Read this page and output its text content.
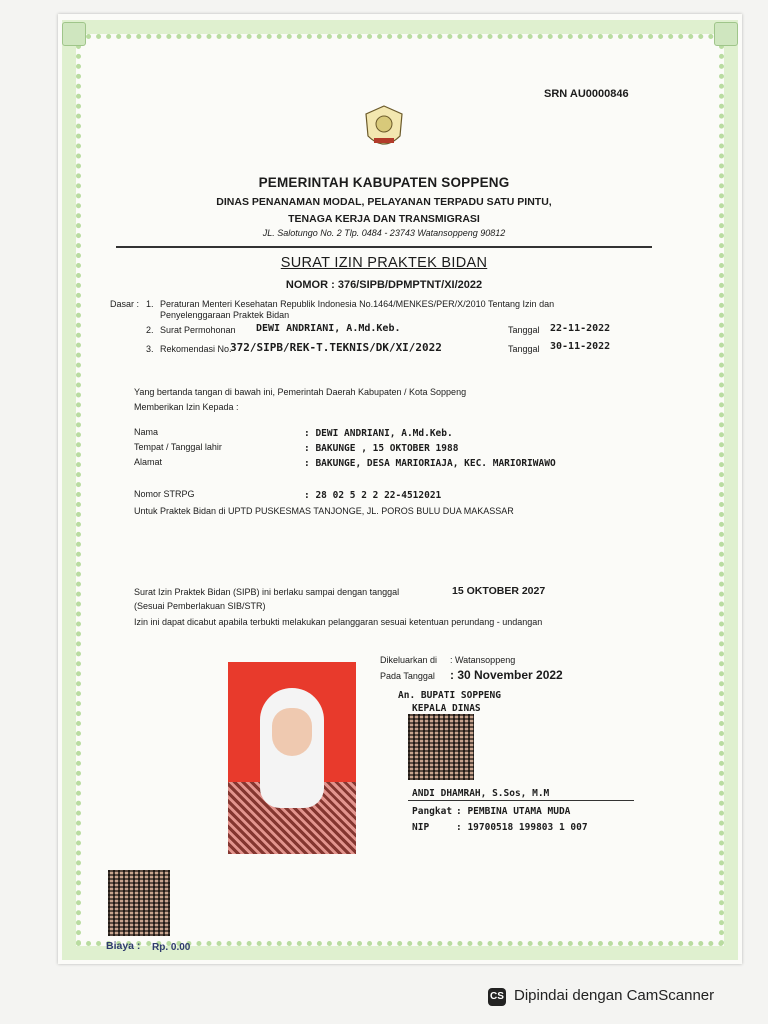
SRN AU0000846
PEMERINTAH KABUPATEN SOPPENG
DINAS PENANAMAN MODAL, PELAYANAN TERPADU SATU PINTU,
TENAGA KERJA DAN TRANSMIGRASI
JL. Salotungo No. 2 Tlp. 0484 - 23743 Watansoppeng 90812
SURAT IZIN PRAKTEK BIDAN
NOMOR : 376/SIPB/DPMPTNT/XI/2022
Dasar : 1. Peraturan Menteri Kesehatan Republik Indonesia No.1464/MENKES/PER/X/2010 Tentang Izin dan
Penyelenggaraan Praktek Bidan
2. Surat Permohonan DEWI ANDRIANI, A.Md.Keb.	Tanggal 22-11-2022
3. Rekomendasi No.
372/SIPB/REK-T.TEKNIS/DK/XI/2022	Tanggal 30-11-2022
Yang bertanda tangan di bawah ini, Pemerintah Daerah Kabupaten / Kota Soppeng
Memberikan Izin Kepada :
Nama	: DEWI ANDRIANI, A.Md.Keb.
Tempat / Tanggal lahir	: BAKUNGE , 15 OKTOBER 1988
Alamat	: BAKUNGE, DESA MARIORIAJA, KEC. MARIORIWAWO
Nomor STRPG	: 28 02 5 2 2 22-4512021
Untuk Praktek Bidan di UPTD PUSKESMAS TANJONGE, JL. POROS BULU DUA MAKASSAR
Surat Izin Praktek Bidan (SIPB) ini berlaku sampai dengan tanggal	15 OKTOBER 2027
(Sesuai Pemberlakuan SIB/STR)
Izin ini dapat dicabut apabila terbukti melakukan pelanggaran sesuai ketentuan perundang - undangan
Dikeluarkan di : Watansoppeng
Pada Tanggal : 30 November 2022
An. BUPATI SOPPENG
KEPALA DINAS
ANDI DHAMRAH, S.Sos, M.M
Pangkat : PEMBINA UTAMA MUDA
NIP	: 19700518 199803 1 007
Biaya : Rp. 0.00
CS Dipindai dengan CamScanner
